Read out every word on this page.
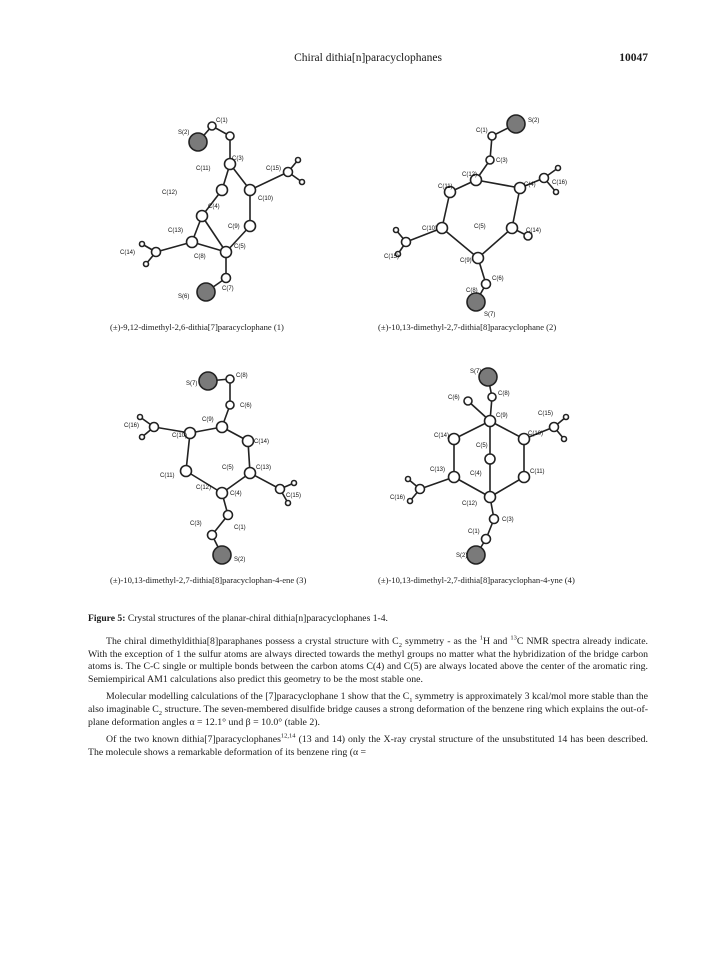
Chiral dithia[n]paracyclophanes	10047
C(1)
S(2)
C(3)
C(11)	C(15)
C(12)
C(10)
C(4)
C(9)
C(13)
C(14)
C(8)
C(5)
S(6)
C(7)
(±)-9,12-dimethyl-2,6-dithia[7]paracyclophane (1)
S(2)
C(1)
C(3)
C(12)
C(16)
C(11)	C(4)
C(10)	C(5)
C(14)
C(15)
C(9)
C(6)
C(8)
S(7)
(±)-10,13-dimethyl-2,7-dithia[8]paracyclophane (2)
C(8)
S(7)
C(6)
C(9)
C(16)
C(10)
C(14)
C(5)	C(13)
C(11)
C(15)
C(12)
C(4)
C(3)
C(1)
S(2)
(±)-10,13-dimethyl-2,7-dithia[8]paracyclophan-4-ene (3)
S(7)
C(8)
C(6)
C(9)	C(15)
C(14)	C(10)
C(5)
C(13)
C(4)	C(11)
C(16)
C(12)
C(3)
C(1)
S(2)
(±)-10,13-dimethyl-2,7-dithia[8]paracyclophan-4-yne (4)
Figure 5: Crystal structures of the planar-chiral dithia[n]paracyclophanes 1-4.

The chiral dimethyldithia[8]paraphanes possess a crystal structure with $C_2$ symmetry - as the $^1$H and $^{13}$C NMR spectra already indicate. With the exception of 1 the sulfur atoms are always directed towards the methyl groups no matter what the hybridization of the bridge carbon atoms is. The C-C single or multiple bonds between the carbon atoms C(4) and C(5) are always located above the center of the aromatic ring. Semiempirical AM1 calculations also predict this geometry to be the most stable one.

Molecular modelling calculations of the [7]paracyclophane 1 show that the $C_1$ symmetry is approximately 3 kcal/mol more stable than the also imaginable $C_2$ structure. The seven-membered disulfide bridge causes a strong deformation of the benzene ring which explains the out-of-plane deformation angles α = 12.1° und β = 10.0° (table 2).

Of the two known dithia[7]paracyclophanes$^{12,14}$ (13 and 14) only the X-ray crystal structure of the unsubstituted 14 has been described. The molecule shows a remarkable deformation of its benzene ring (α =
